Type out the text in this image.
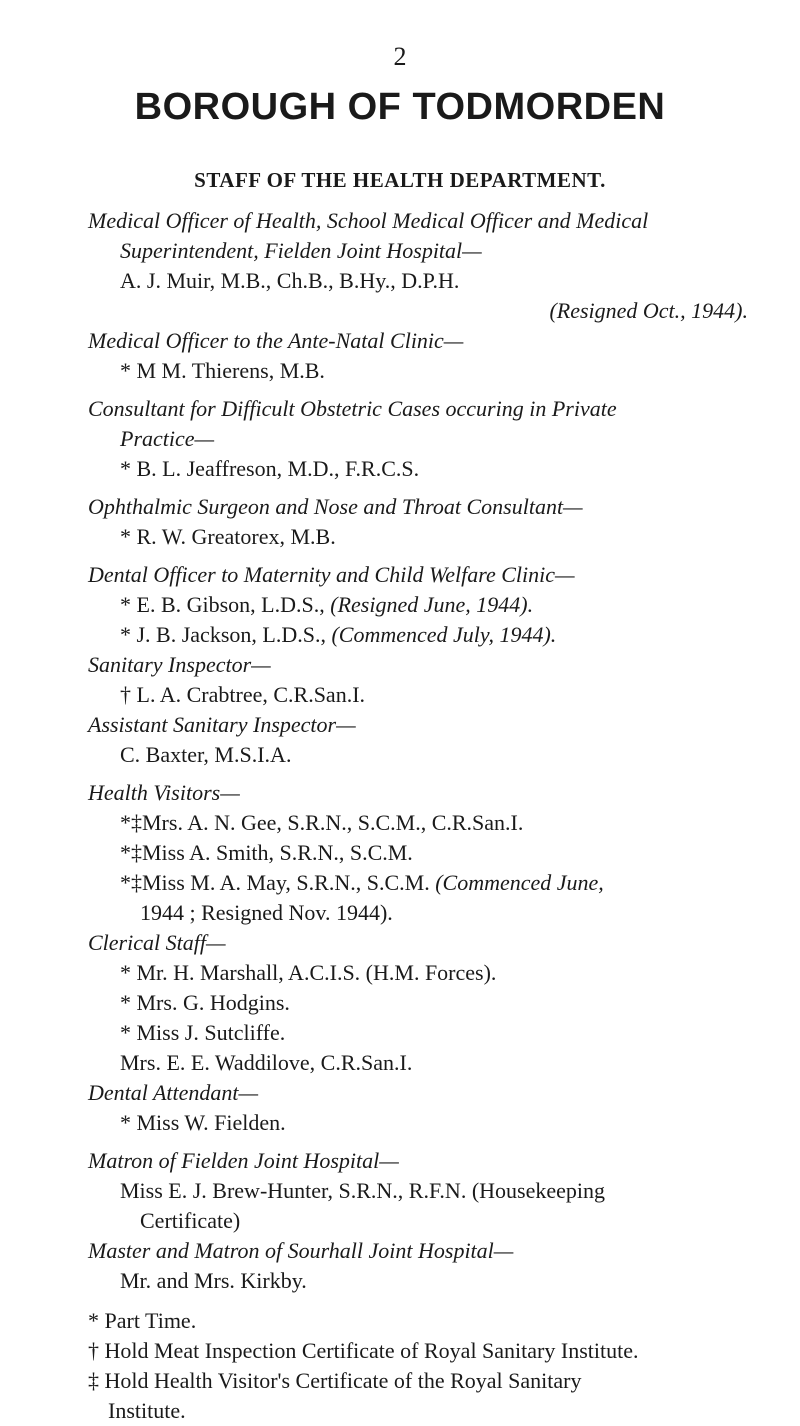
2
BOROUGH OF TODMORDEN
STAFF OF THE HEALTH DEPARTMENT.
Medical Officer of Health, School Medical Officer and Medical
Superintendent, Fielden Joint Hospital—
A. J. Muir, M.B., Ch.B., B.Hy., D.P.H.
(Resigned Oct., 1944).
Medical Officer to the Ante-Natal Clinic—
* M M. Thierens, M.B.
Consultant for Difficult Obstetric Cases occuring in Private
Practice—
* B. L. Jeaffreson, M.D., F.R.C.S.
Ophthalmic Surgeon and Nose and Throat Consultant—
* R. W. Greatorex, M.B.
Dental Officer to Maternity and Child Welfare Clinic—
* E. B. Gibson, L.D.S., (Resigned June, 1944).
* J. B. Jackson, L.D.S., (Commenced July, 1944).
Sanitary Inspector—
† L. A. Crabtree, C.R.San.I.
Assistant Sanitary Inspector—
C. Baxter, M.S.I.A.
Health Visitors—
*‡Mrs. A. N. Gee, S.R.N., S.C.M., C.R.San.I.
*‡Miss A. Smith, S.R.N., S.C.M.
*‡Miss M. A. May, S.R.N., S.C.M. (Commenced June,
1944 ; Resigned Nov. 1944).
Clerical Staff—
* Mr. H. Marshall, A.C.I.S. (H.M. Forces).
* Mrs. G. Hodgins.
* Miss J. Sutcliffe.
Mrs. E. E. Waddilove, C.R.San.I.
Dental Attendant—
* Miss W. Fielden.
Matron of Fielden Joint Hospital—
Miss E. J. Brew-Hunter, S.R.N., R.F.N. (Housekeeping
Certificate)
Master and Matron of Sourhall Joint Hospital—
Mr. and Mrs. Kirkby.
* Part Time.
† Hold Meat Inspection Certificate of Royal Sanitary Institute.
‡ Hold Health Visitor's Certificate of the Royal Sanitary
Institute.
